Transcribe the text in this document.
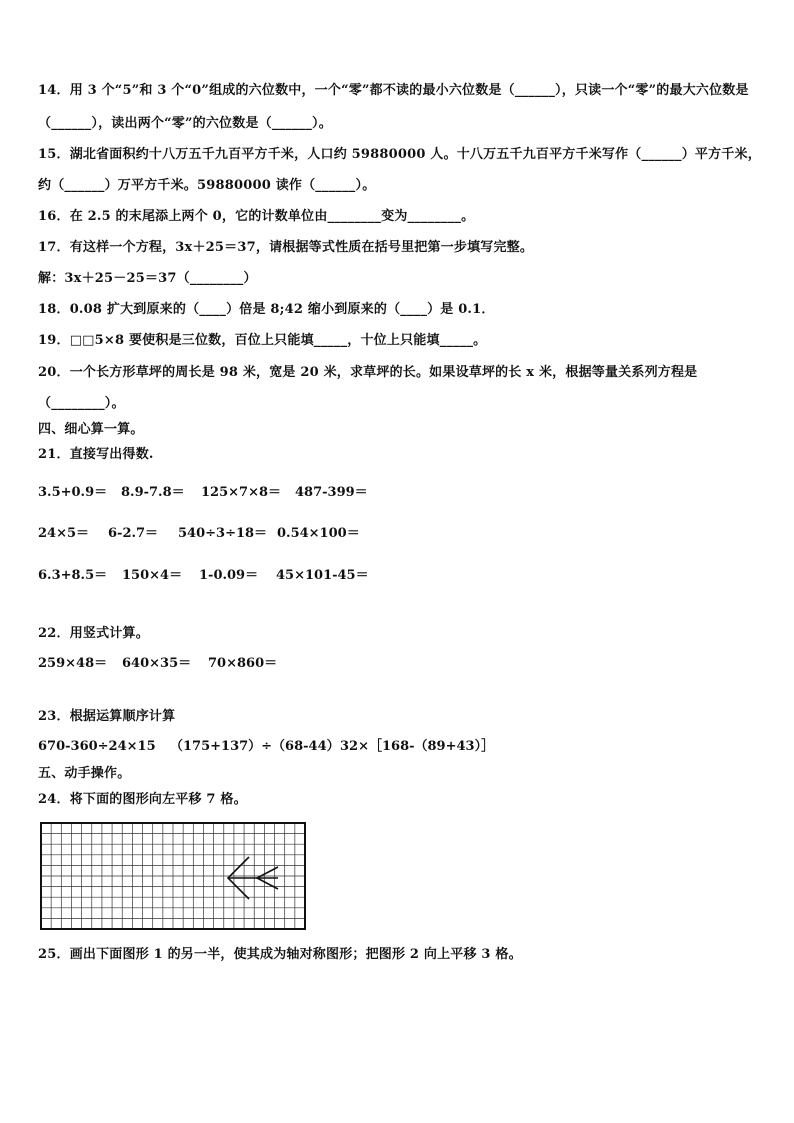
14．用 3 个“5”和 3 个“0”组成的六位数中，一个“零”都不读的最小六位数是（______），只读一个“零”的最大六位数是
（______），读出两个“零”的六位数是（______）。
15．湖北省面积约十八万五千九百平方千米，人口约 59880000 人。十八万五千九百平方千米写作（______）平方千米，
约（______）万平方千米。59880000 读作（______）。
16．在 2.5 的末尾添上两个 0，它的计数单位由________变为________。
17．有这样一个方程，3x＋25＝37，请根据等式性质在括号里把第一步填写完整。
解：3x＋25－25＝37（________）
18．0.08 扩大到原来的（____）倍是 8;42 缩小到原来的（____）是 0.1．
19．□□5×8 要使积是三位数，百位上只能填_____，十位上只能填_____。
20．一个长方形草坪的周长是 98 米，宽是 20 米，求草坪的长。如果设草坪的长 x 米，根据等量关系列方程是
（________）。
四、细心算一算。
21．直接写出得数.
3.5+0.9＝ 8.9-7.8＝ 125×7×8＝ 487-399＝
24×5＝ 6-2.7＝ 540÷3÷18＝ 0.54×100＝
6.3+8.5＝ 150×4＝ 1-0.09＝ 45×101-45＝
22．用竖式计算。
259×48＝ 640×35＝ 70×860＝
23．根据运算顺序计算
670-360÷24×15 （175+137）÷（68-44） 32×［168-（89+43）］
五、动手操作。
24．将下面的图形向左平移 7 格。
25．画出下面图形 1 的另一半，使其成为轴对称图形；把图形 2 向上平移 3 格。
